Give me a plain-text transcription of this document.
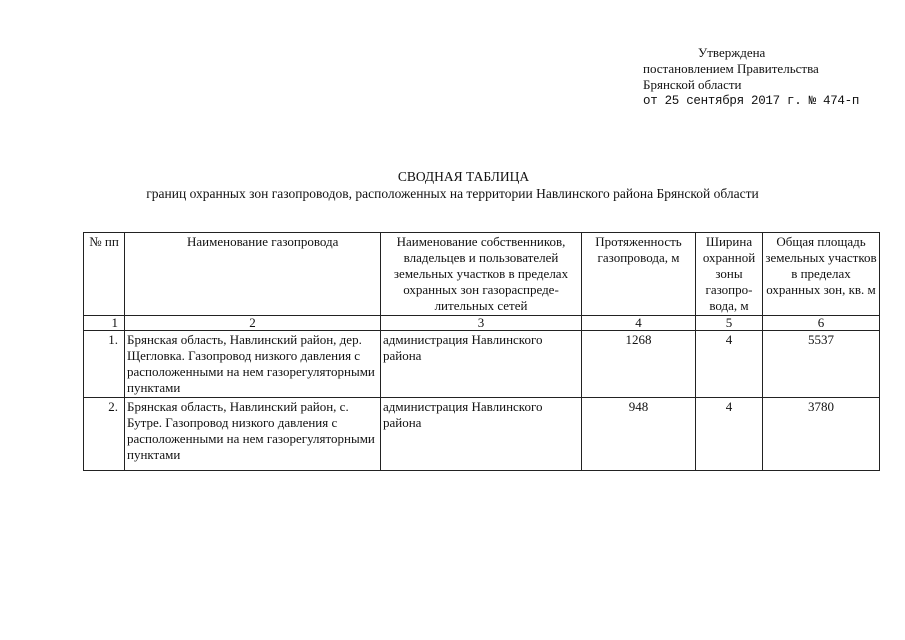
Утверждена
постановлением Правительства
Брянской области
от 25 сентября 2017 г. № 474-п
СВОДНАЯ ТАБЛИЦА
границ охранных зон газопроводов, расположенных на территории Навлинского района Брянской области
№ пп	Наименование газопровода	Наименование собственников, владельцев и пользователей земельных участков в пределах охранных зон газораспреде-лительных сетей	Протяженность газопровода, м	Ширина охранной зоны газопро-вода, м	Общая площадь земельных участков в пределах охранных зон, кв. м
1	2	3	4	5	6
1.	Брянская область, Навлинский район, дер. Щегловка. Газопровод низкого давления с расположенными на нем газорегуляторными пунктами	администрация Навлинского района	1268	4	5537
2.	Брянская область, Навлинский район, с. Бутре. Газопровод низкого давления с расположенными на нем газорегуляторными пунктами	администрация Навлинского района	948	4	3780
